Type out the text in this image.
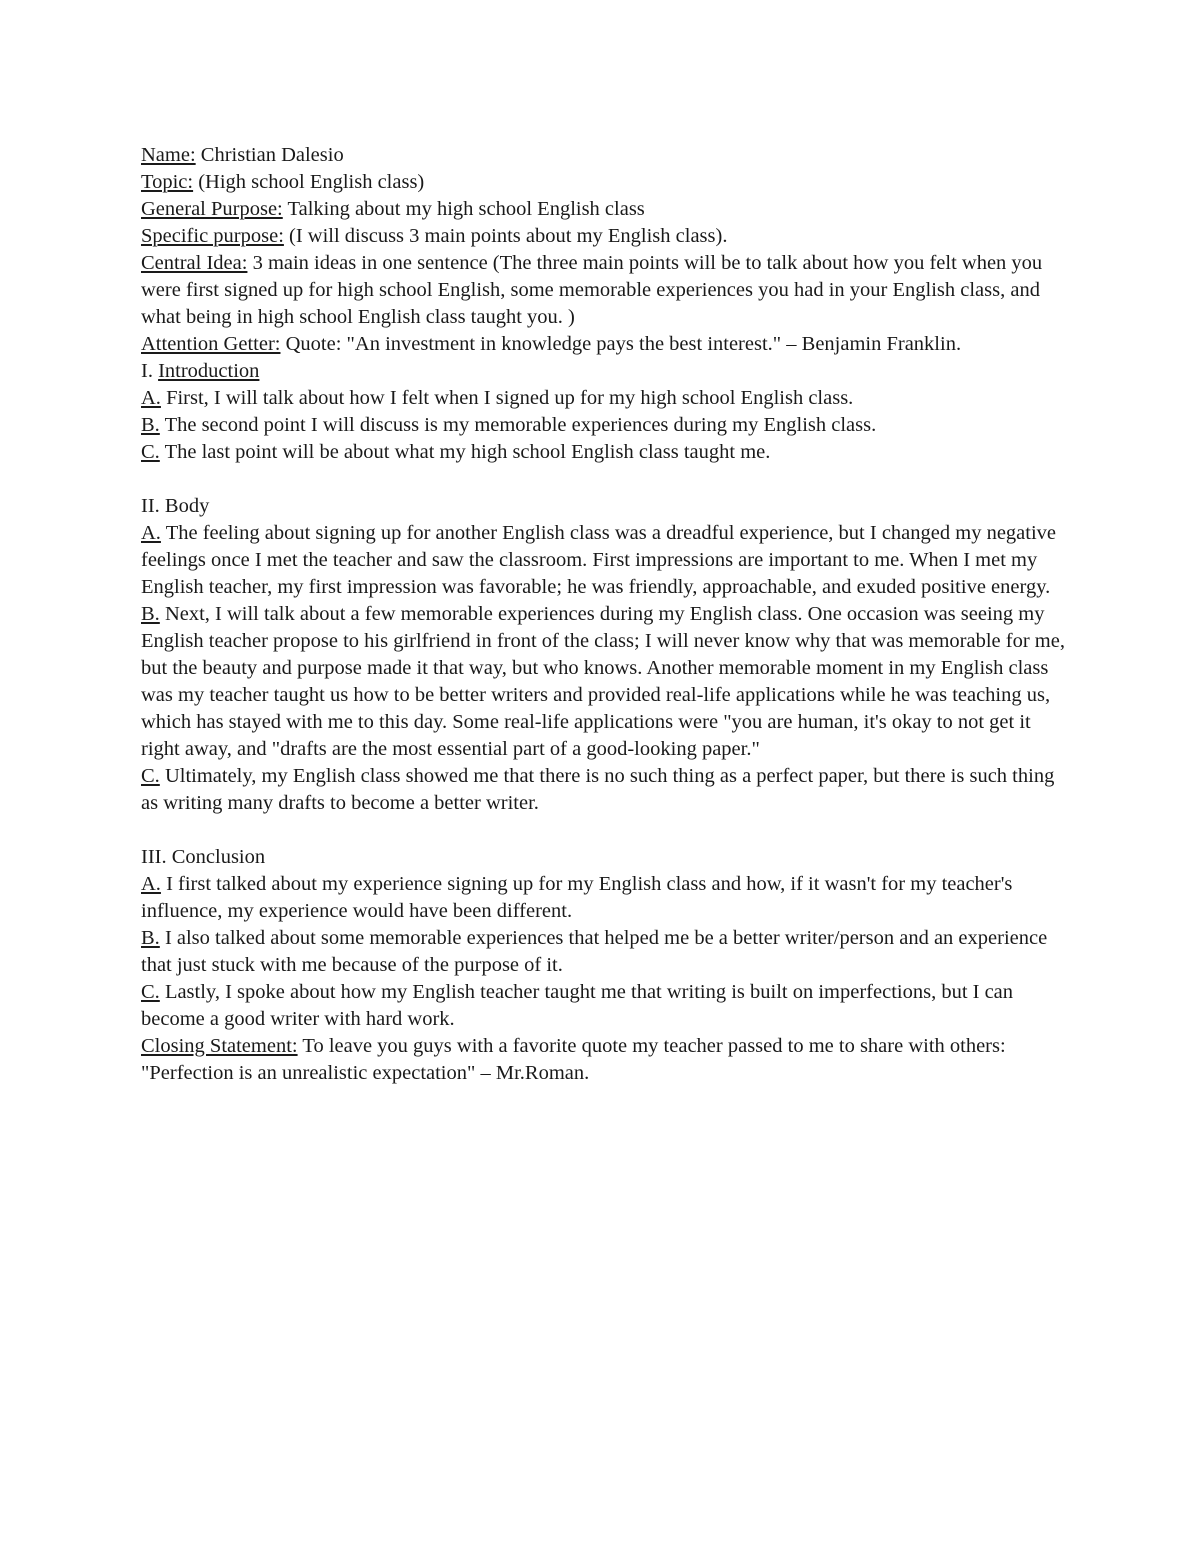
Name: Christian Dalesio
Topic: (High school English class)
General Purpose: Talking about my high school English class
Specific purpose: (I will discuss 3 main points about my English class).
Central Idea: 3 main ideas in one sentence (The three main points will be to talk about how you felt when you were first signed up for high school English, some memorable experiences you had in your English class, and what being in high school English class taught you. )
Attention Getter: Quote: "An investment in knowledge pays the best interest." – Benjamin Franklin.
I. Introduction
A. First, I will talk about how I felt when I signed up for my high school English class.
B. The second point I will discuss is my memorable experiences during my English class.
C. The last point will be about what my high school English class taught me.
II. Body
A. The feeling about signing up for another English class was a dreadful experience, but I changed my negative feelings once I met the teacher and saw the classroom. First impressions are important to me. When I met my English teacher, my first impression was favorable; he was friendly, approachable, and exuded positive energy.
B. Next, I will talk about a few memorable experiences during my English class. One occasion was seeing my English teacher propose to his girlfriend in front of the class; I will never know why that was memorable for me, but the beauty and purpose made it that way, but who knows. Another memorable moment in my English class was my teacher taught us how to be better writers and provided real-life applications while he was teaching us, which has stayed with me to this day. Some real-life applications were "you are human, it's okay to not get it right away, and "drafts are the most essential part of a good-looking paper."
C. Ultimately, my English class showed me that there is no such thing as a perfect paper, but there is such thing as writing many drafts to become a better writer.
III. Conclusion
A. I first talked about my experience signing up for my English class and how, if it wasn't for my teacher's influence, my experience would have been different.
B. I also talked about some memorable experiences that helped me be a better writer/person and an experience that just stuck with me because of the purpose of it.
C. Lastly, I spoke about how my English teacher taught me that writing is built on imperfections, but I can become a good writer with hard work.
Closing Statement: To leave you guys with a favorite quote my teacher passed to me to share with others: "Perfection is an unrealistic expectation" – Mr.Roman.
